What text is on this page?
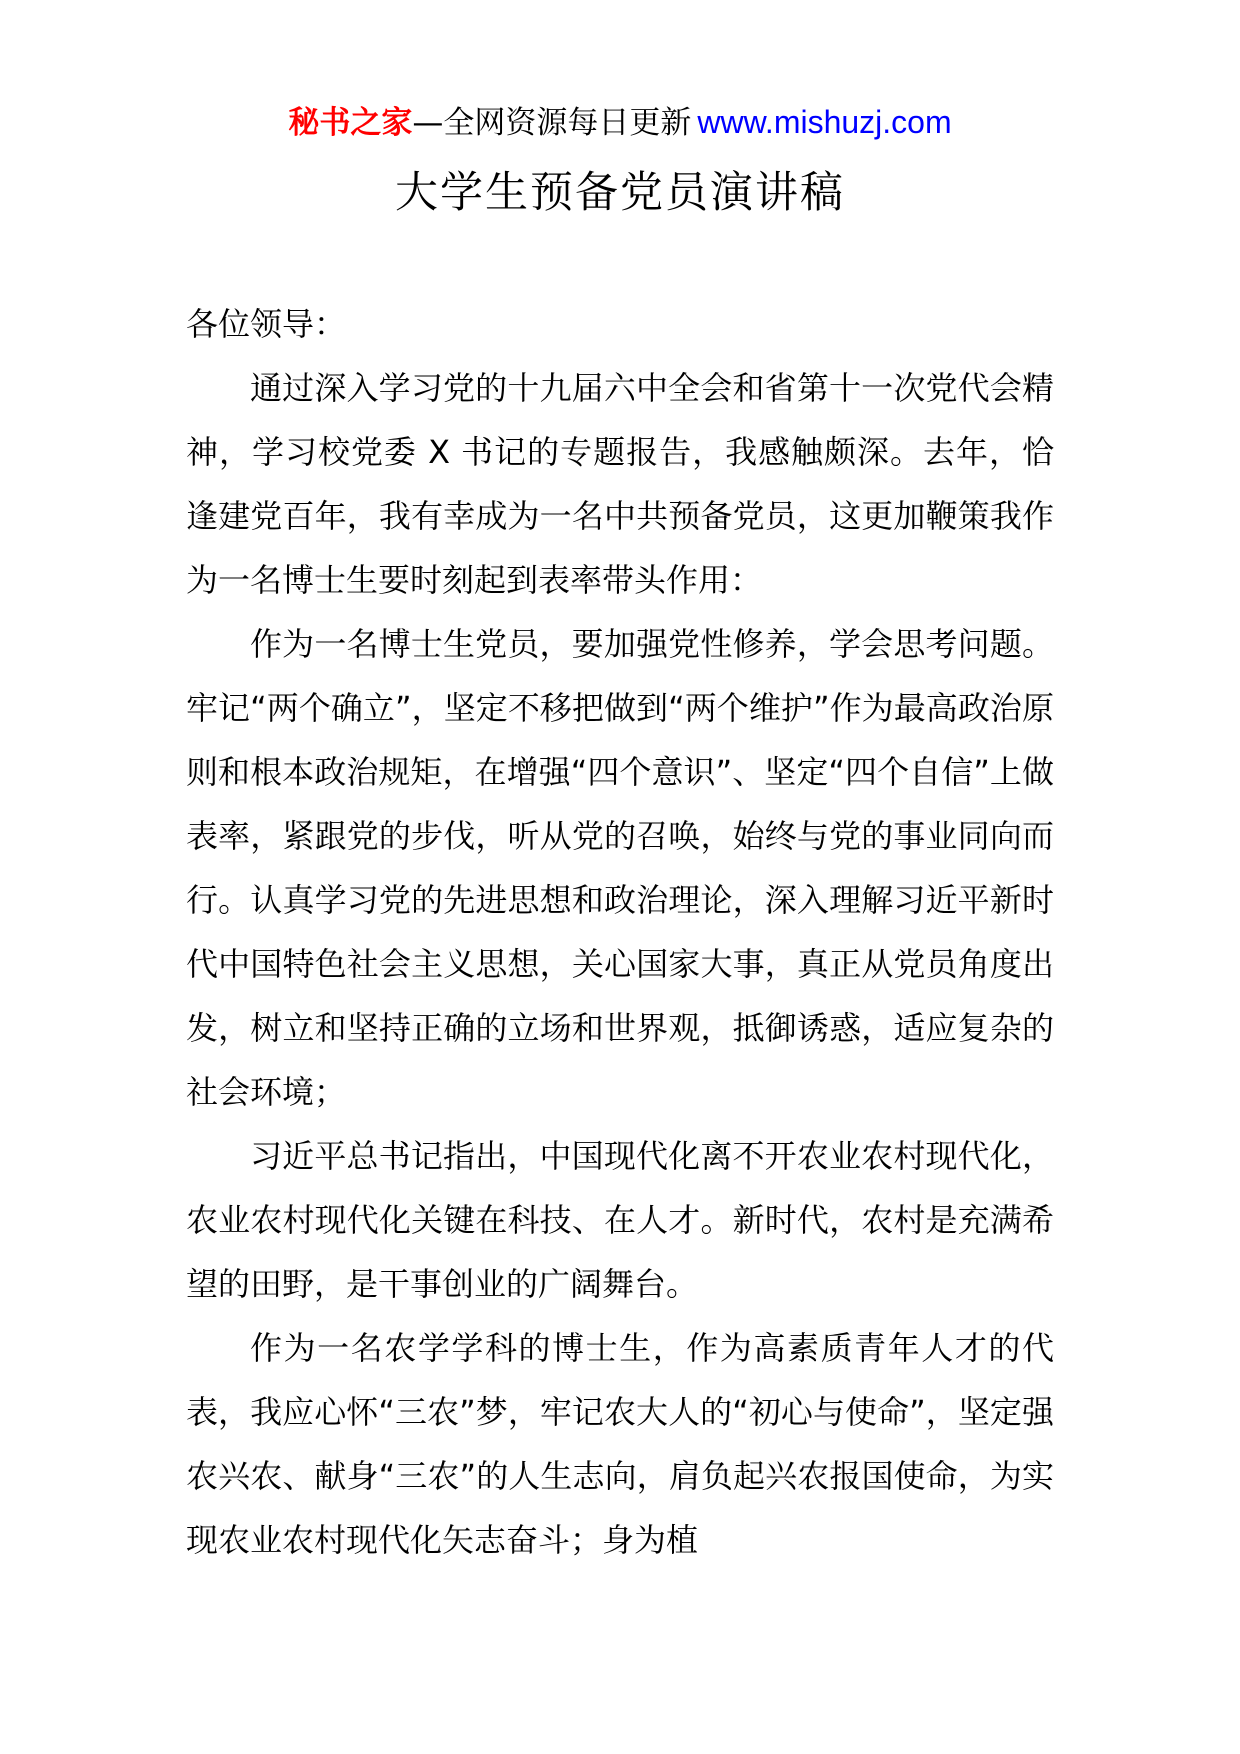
秘书之家—全网资源每日更新 www.mishuzj.com
大学生预备党员演讲稿

各位领导：

通过深入学习党的十九届六中全会和省第十一次党代会精神，学习校党委 X 书记的专题报告，我感触颇深。去年，恰逢建党百年，我有幸成为一名中共预备党员，这更加鞭策我作为一名博士生要时刻起到表率带头作用：

作为一名博士生党员，要加强党性修养，学会思考问题。牢记“两个确立”，坚定不移把做到“两个维护”作为最高政治原则和根本政治规矩，在增强“四个意识”、坚定“四个自信”上做表率，紧跟党的步伐，听从党的召唤，始终与党的事业同向而行。认真学习党的先进思想和政治理论，深入理解习近平新时代中国特色社会主义思想，关心国家大事，真正从党员角度出发，树立和坚持正确的立场和世界观，抵御诱惑，适应复杂的社会环境；

习近平总书记指出，中国现代化离不开农业农村现代化，农业农村现代化关键在科技、在人才。新时代，农村是充满希望的田野，是干事创业的广阔舞台。

作为一名农学学科的博士生，作为高素质青年人才的代表，我应心怀“三农”梦，牢记农大人的“初心与使命”，坚定强农兴农、献身“三农”的人生志向，肩负起兴农报国使命，为实现农业农村现代化矢志奋斗；身为植
